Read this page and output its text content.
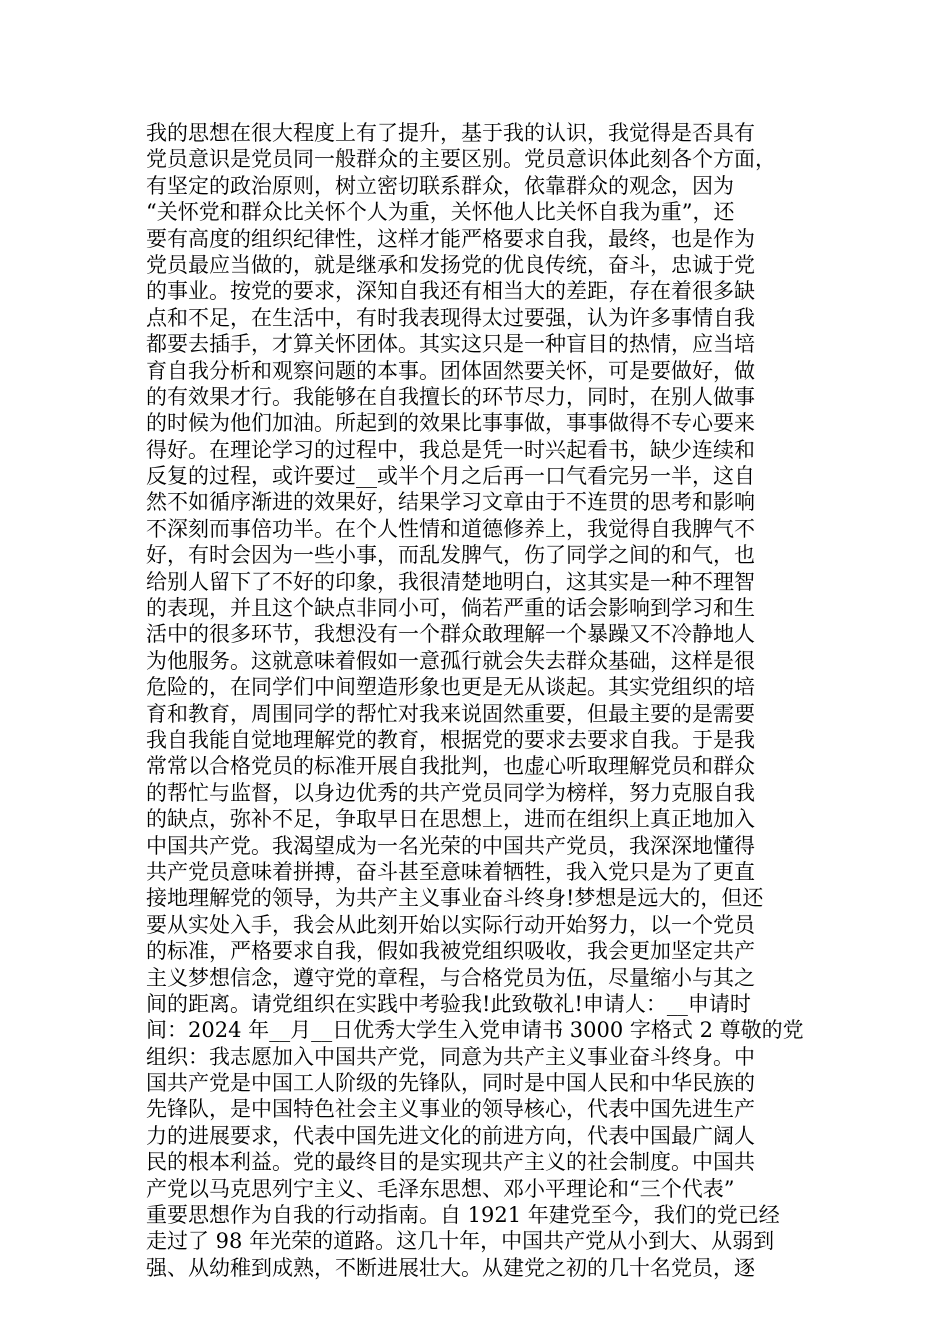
我的思想在很大程度上有了提升，基于我的认识，我觉得是否具有
党员意识是党员同一般群众的主要区别。党员意识体此刻各个方面，
有坚定的政治原则，树立密切联系群众，依靠群众的观念，因为
“关怀党和群众比关怀个人为重，关怀他人比关怀自我为重”，还
要有高度的组织纪律性，这样才能严格要求自我，最终，也是作为
党员最应当做的，就是继承和发扬党的优良传统，奋斗，忠诚于党
的事业。按党的要求，深知自我还有相当大的差距，存在着很多缺
点和不足，在生活中，有时我表现得太过要强，认为许多事情自我
都要去插手，才算关怀团体。其实这只是一种盲目的热情，应当培
育自我分析和观察问题的本事。团体固然要关怀，可是要做好，做
的有效果才行。我能够在自我擅长的环节尽力，同时，在别人做事
的时候为他们加油。所起到的效果比事事做，事事做得不专心要来
得好。在理论学习的过程中，我总是凭一时兴起看书，缺少连续和
反复的过程，或许要过__或半个月之后再一口气看完另一半，这自
然不如循序渐进的效果好，结果学习文章由于不连贯的思考和影响
不深刻而事倍功半。在个人性情和道德修养上，我觉得自我脾气不
好，有时会因为一些小事，而乱发脾气，伤了同学之间的和气，也
给别人留下了不好的印象，我很清楚地明白，这其实是一种不理智
的表现，并且这个缺点非同小可，倘若严重的话会影响到学习和生
活中的很多环节，我想没有一个群众敢理解一个暴躁又不冷静地人
为他服务。这就意味着假如一意孤行就会失去群众基础，这样是很
危险的，在同学们中间塑造形象也更是无从谈起。其实党组织的培
育和教育，周围同学的帮忙对我来说固然重要，但最主要的是需要
我自我能自觉地理解党的教育，根据党的要求去要求自我。于是我
常常以合格党员的标准开展自我批判，也虚心听取理解党员和群众
的帮忙与监督，以身边优秀的共产党员同学为榜样，努力克服自我
的缺点，弥补不足，争取早日在思想上，进而在组织上真正地加入
中国共产党。我渴望成为一名光荣的中国共产党员，我深深地懂得
共产党员意味着拼搏，奋斗甚至意味着牺牲，我入党只是为了更直
接地理解党的领导，为共产主义事业奋斗终身!梦想是远大的，但还
要从实处入手，我会从此刻开始以实际行动开始努力，以一个党员
的标准，严格要求自我，假如我被党组织吸收，我会更加坚定共产
主义梦想信念，遵守党的章程，与合格党员为伍，尽量缩小与其之
间的距离。请党组织在实践中考验我!此致敬礼!申请人：__申请时
间：2024 年__月__日优秀大学生入党申请书 3000 字格式 2 尊敬的党
组织：我志愿加入中国共产党，同意为共产主义事业奋斗终身。中
国共产党是中国工人阶级的先锋队，同时是中国人民和中华民族的
先锋队，是中国特色社会主义事业的领导核心，代表中国先进生产
力的进展要求，代表中国先进文化的前进方向，代表中国最广阔人
民的根本利益。党的最终目的是实现共产主义的社会制度。中国共
产党以马克思列宁主义、毛泽东思想、邓小平理论和“三个代表”
重要思想作为自我的行动指南。自 1921 年建党至今，我们的党已经
走过了 98 年光荣的道路。这几十年，中国共产党从小到大、从弱到
强、从幼稚到成熟，不断进展壮大。从建党之初的几十名党员，逐
